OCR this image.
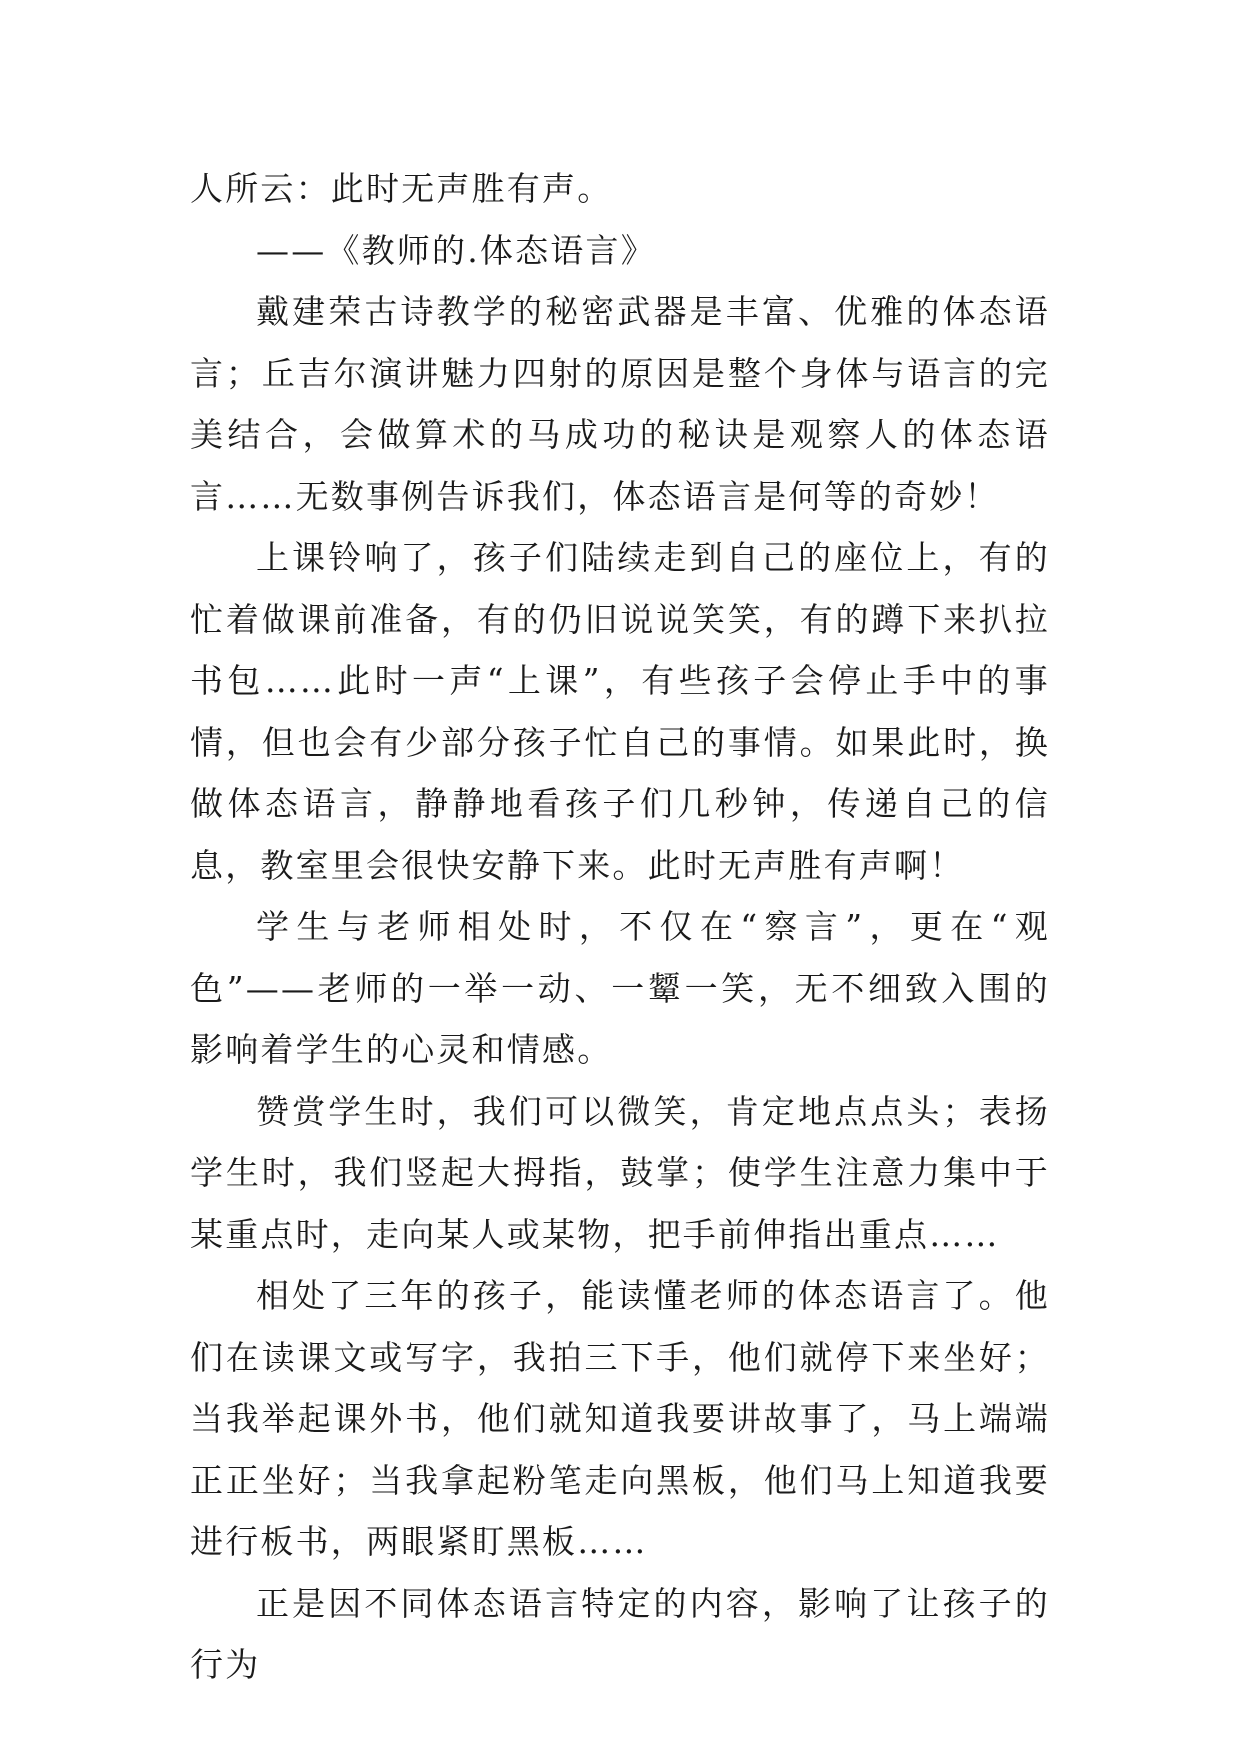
人所云：此时无声胜有声。

——《教师的.体态语言》

戴建荣古诗教学的秘密武器是丰富、优雅的体态语言；丘吉尔演讲魅力四射的原因是整个身体与语言的完美结合，会做算术的马成功的秘诀是观察人的体态语言……无数事例告诉我们，体态语言是何等的奇妙！

上课铃响了，孩子们陆续走到自己的座位上，有的忙着做课前准备，有的仍旧说说笑笑，有的蹲下来扒拉书包……此时一声“上课”，有些孩子会停止手中的事情，但也会有少部分孩子忙自己的事情。如果此时，换做体态语言，静静地看孩子们几秒钟，传递自己的信息，教室里会很快安静下来。此时无声胜有声啊！

学生与老师相处时，不仅在“察言”，更在“观色”——老师的一举一动、一颦一笑，无不细致入围的影响着学生的心灵和情感。

赞赏学生时，我们可以微笑，肯定地点点头；表扬学生时，我们竖起大拇指，鼓掌；使学生注意力集中于某重点时，走向某人或某物，把手前伸指出重点……

相处了三年的孩子，能读懂老师的体态语言了。他们在读课文或写字，我拍三下手，他们就停下来坐好；当我举起课外书，他们就知道我要讲故事了，马上端端正正坐好；当我拿起粉笔走向黑板，他们马上知道我要进行板书，两眼紧盯黑板……

正是因不同体态语言特定的内容，影响了让孩子的行为
